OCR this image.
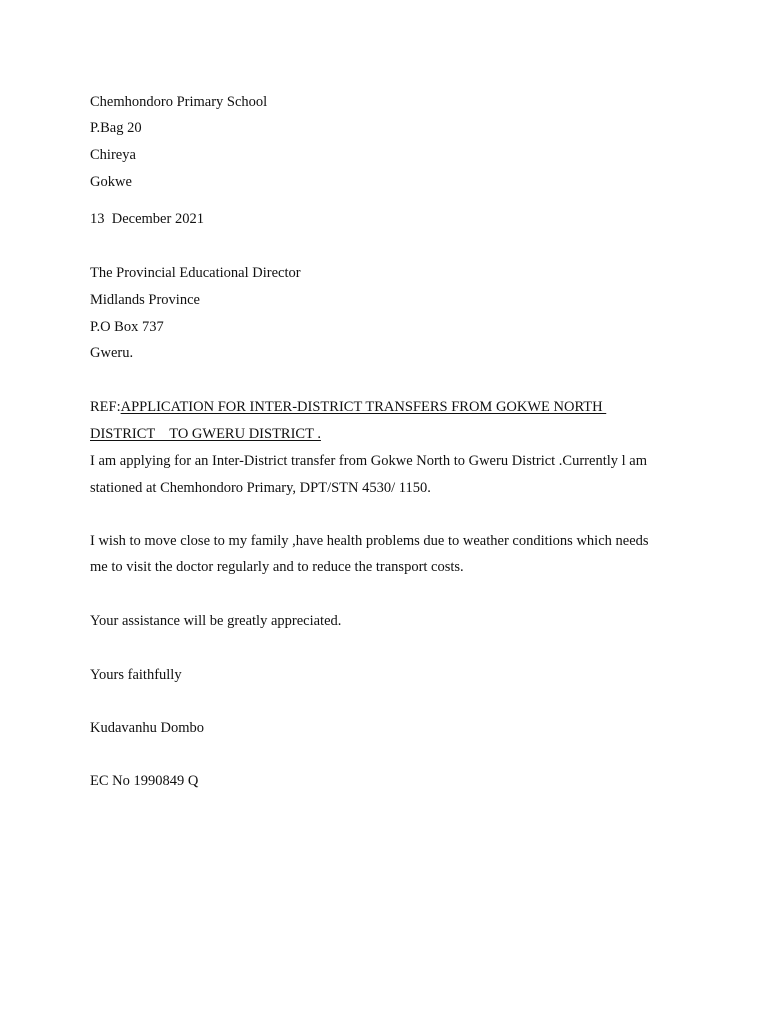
Chemhondoro Primary School
P.Bag 20
Chireya
Gokwe
13  December 2021
The Provincial Educational Director
Midlands Province
P.O Box 737
Gweru.
REF:APPLICATION FOR INTER-DISTRICT TRANSFERS FROM GOKWE NORTH
DISTRICT    TO GWERU DISTRICT .
I am applying for an Inter-District transfer from Gokwe North to Gweru District .Currently l am
stationed at Chemhondoro Primary, DPT/STN 4530/ 1150.
I wish to move close to my family ,have health problems due to weather conditions which needs
me to visit the doctor regularly and to reduce the transport costs.
Your assistance will be greatly appreciated.
Yours faithfully
Kudavanhu Dombo
EC No 1990849 Q
